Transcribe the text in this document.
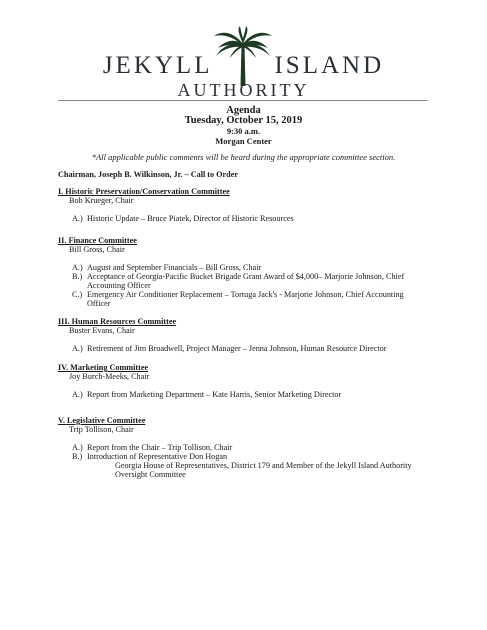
JEKYLL ISLAND
AUTHORITY
Agenda
Tuesday, October 15, 2019
9:30 a.m.
Morgan Center
*All applicable public comments will be heard during the appropriate committee section.
Chairman, Joseph B. Wilkinson, Jr. – Call to Order
I. Historic Preservation/Conservation Committee
Bob Krueger, Chair
A.) Historic Update – Bruce Piatek, Director of Historic Resources
II. Finance Committee
Bill Gross, Chair
A.) August and September Financials – Bill Gross, Chair
B.) Acceptance of Georgia-Pacific Bucket Brigade Grant Award of $4,000– Marjorie Johnson, Chief
Accounting Officer
C.) Emergency Air Conditioner Replacement – Tortuga Jack's - Marjorie Johnson, Chief Accounting
Officer
III. Human Resources Committee
Buster Evans, Chair
A.) Retirement of Jim Broadwell, Project Manager – Jenna Johnson, Human Resource Director
IV. Marketing Committee
Joy Burch-Meeks, Chair
A.) Report from Marketing Department – Kate Harris, Senior Marketing Director
V. Legislative Committee
Trip Tollison, Chair
A.) Report from the Chair – Trip Tollison, Chair
B.) Introduction of Representative Don Hogan
Georgia House of Representatives, District 179 and Member of the Jekyll Island Authority
Oversight Committee
